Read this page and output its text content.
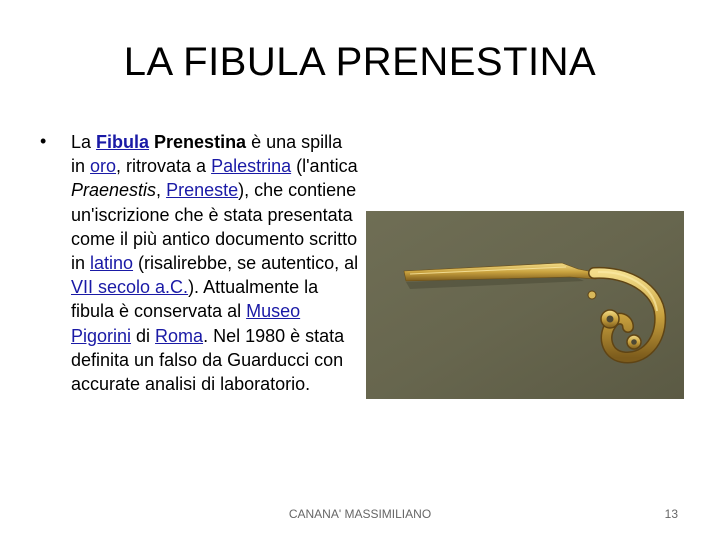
LA FIBULA PRENESTINA
• La Fibula Prenestina è una spilla in oro, ritrovata a Palestrina (l'antica Praenestis, Preneste), che contiene un'iscrizione che è stata presentata come il più antico documento scritto in latino (risalirebbe, se autentico, al VII secolo a.C.). Attualmente la fibula è conservata al Museo Pigorini di Roma. Nel 1980 è stata definita un falso da Guarducci con accurate analisi di laboratorio.

CANANA' MASSIMILIANO	13
